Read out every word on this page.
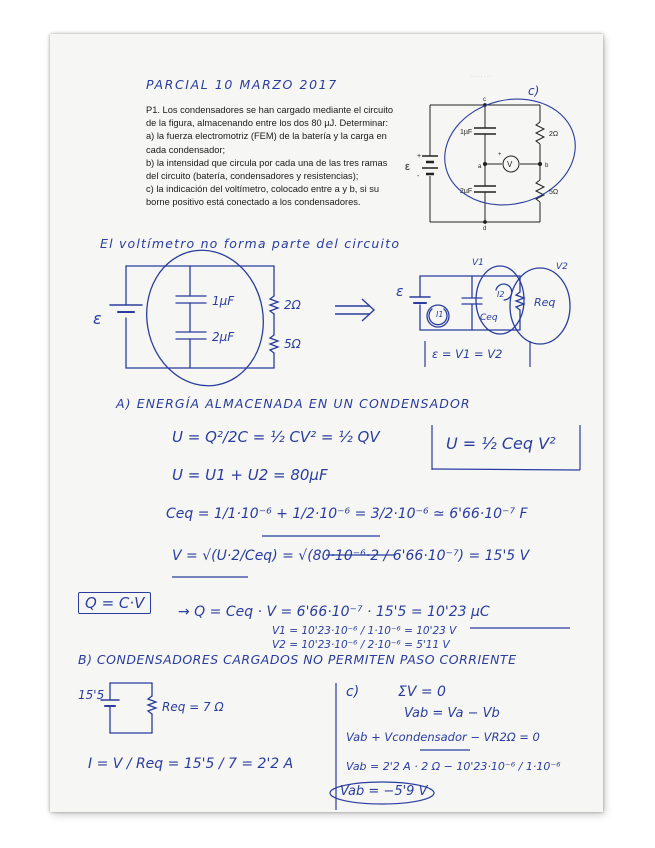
·······
PARCIAL 10 MARZO 2017
P1. Los condensadores se han cargado mediante el circuito
de la figura, almacenando entre los dos 80 µJ. Determinar:
a) la fuerza electromotriz (FEM) de la batería y la carga en
cada condensador;
b) la intensidad que circula por cada una de las tres ramas
del circuito (batería, condensadores y resistencias);
c) la indicación del voltímetro, colocado entre a y b, si su
borne positivo está conectado a los condensadores.
1µF
2µF
2Ω
5Ω
ε
+
-
a	b
c
d
V
+
c)
El voltímetro no forma parte del circuito
ε
1µF
2µF
2Ω
5Ω
ε
V1	V2
I1
I2
Ceq
Req
ε = V1 = V2
A) ENERGÍA ALMACENADA EN UN CONDENSADOR
U = Q²/2C = ½ CV² = ½ QV	U = ½ Ceq V²
U = U1 + U2 = 80µF
Ceq = 1/1·10⁻⁶ + 1/2·10⁻⁶ = 3/2·10⁻⁶ ≃ 6'66·10⁻⁷ F
V = √(U·2/Ceq) = √(80·10⁻⁶·2 / 6'66·10⁻⁷) = 15'5 V
Q = C·V	→ Q = Ceq · V = 6'66·10⁻⁷ · 15'5 = 10'23 µC
V1 = 10'23·10⁻⁶ / 1·10⁻⁶ = 10'23 V
V2 = 10'23·10⁻⁶ / 2·10⁻⁶ = 5'11 V
B) CONDENSADORES CARGADOS NO PERMITEN PASO CORRIENTE
15'5
Req = 7 Ω
I = V / Req = 15'5 / 7 = 2'2 A
c)	ΣV = 0
Vab = Va − Vb
Vab + Vcondensador − VR2Ω = 0
Vab = 2'2 A · 2 Ω − 10'23·10⁻⁶ / 1·10⁻⁶
Vab = −5'9 V
